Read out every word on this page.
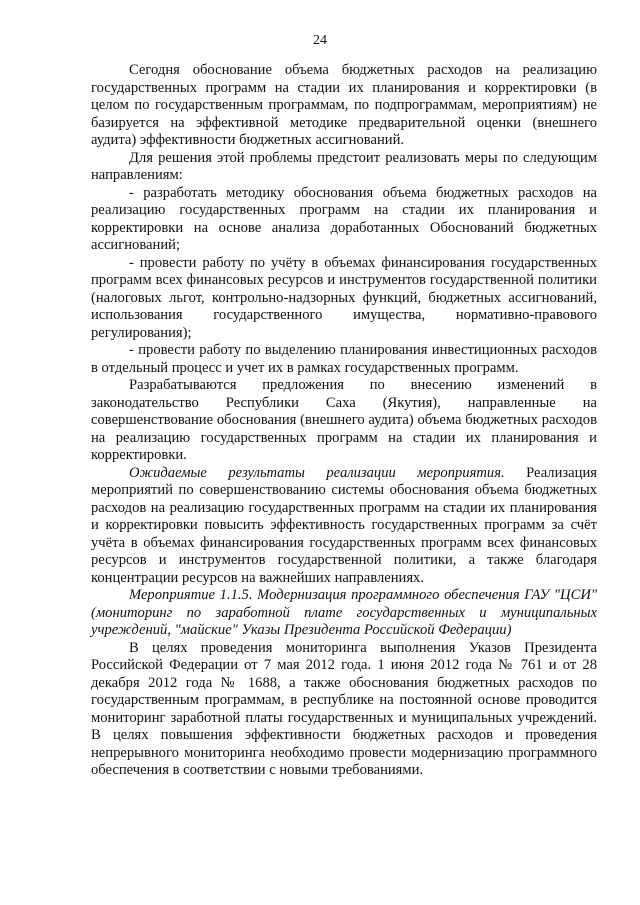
24

Сегодня обоснование объема бюджетных расходов на реализацию государственных программ на стадии их планирования и корректировки (в целом по государственным программам, по подпрограммам, мероприятиям) не базируется на эффективной методике предварительной оценки (внешнего аудита) эффективности бюджетных ассигнований.

Для решения этой проблемы предстоит реализовать меры по следующим направлениям:

- разработать методику обоснования объема бюджетных расходов на реализацию государственных программ на стадии их планирования и корректировки на основе анализа доработанных Обоснований бюджетных ассигнований;

- провести работу по учёту в объемах финансирования государственных программ всех финансовых ресурсов и инструментов государственной политики (налоговых льгот, контрольно-надзорных функций, бюджетных ассигнований, использования государственного имущества, нормативно-правового регулирования);

- провести работу по выделению планирования инвестиционных расходов в отдельный процесс и учет их в рамках государственных программ.

Разрабатываются предложения по внесению изменений в законодательство Республики Саха (Якутия), направленные на совершенствование обоснования (внешнего аудита) объема бюджетных расходов на реализацию государственных программ на стадии их планирования и корректировки.

Ожидаемые результаты реализации мероприятия. Реализация мероприятий по совершенствованию системы обоснования объема бюджетных расходов на реализацию государственных программ на стадии их планирования и корректировки повысить эффективность государственных программ за счёт учёта в объемах финансирования государственных программ всех финансовых ресурсов и инструментов государственной политики, а также благодаря концентрации ресурсов на важнейших направлениях.

Мероприятие 1.1.5. Модернизация программного обеспечения ГАУ "ЦСИ" (мониторинг по заработной плате государственных и муниципальных учреждений, "майские" Указы Президента Российской Федерации)

В целях проведения мониторинга выполнения Указов Президента Российской Федерации от 7 мая 2012 года. 1 июня 2012 года № 761 и от 28 декабря 2012 года № 1688, а также обоснования бюджетных расходов по государственным программам, в республике на постоянной основе проводится мониторинг заработной платы государственных и муниципальных учреждений. В целях повышения эффективности бюджетных расходов и проведения непрерывного мониторинга необходимо провести модернизацию программного обеспечения в соответствии с новыми требованиями.
